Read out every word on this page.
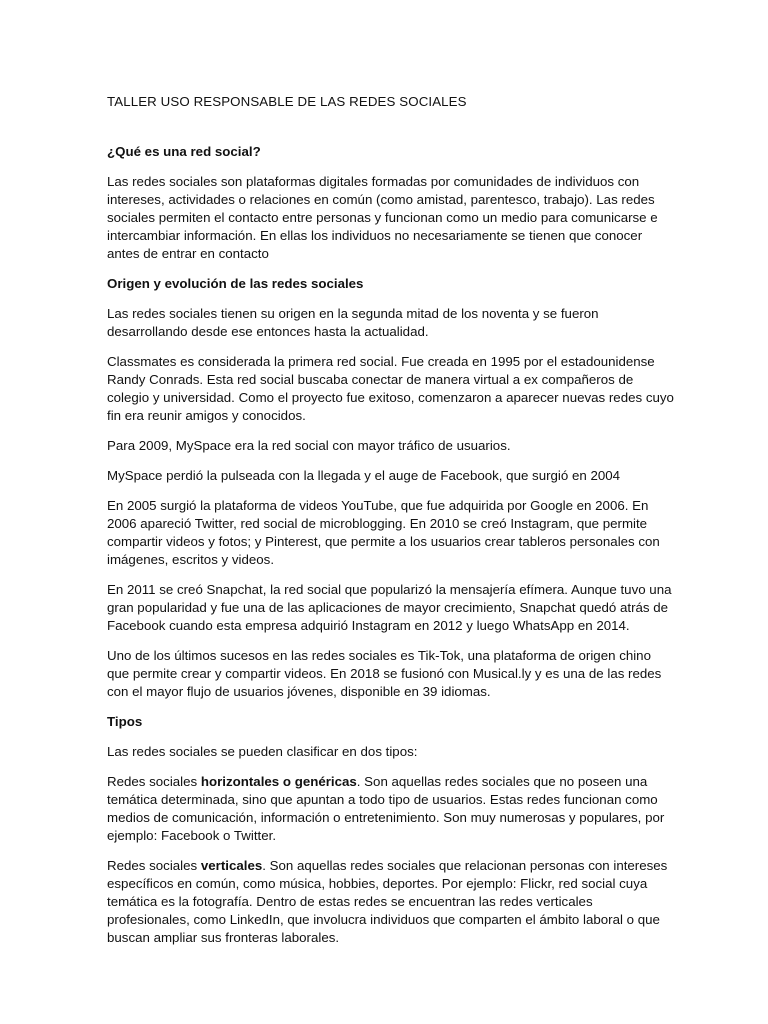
TALLER USO RESPONSABLE DE LAS REDES SOCIALES
¿Qué es una red social?

Las redes sociales son plataformas digitales formadas por comunidades de individuos con intereses, actividades o relaciones en común (como amistad, parentesco, trabajo). Las redes sociales permiten el contacto entre personas y funcionan como un medio para comunicarse e intercambiar información. En ellas los individuos no necesariamente se tienen que conocer antes de entrar en contacto

Origen y evolución de las redes sociales

Las redes sociales tienen su origen en la segunda mitad de los noventa y se fueron desarrollando desde ese entonces hasta la actualidad.

Classmates es considerada la primera red social. Fue creada en 1995 por el estadounidense Randy Conrads. Esta red social buscaba conectar de manera virtual a ex compañeros de colegio y universidad. Como el proyecto fue exitoso, comenzaron a aparecer nuevas redes cuyo fin era reunir amigos y conocidos.

Para 2009, MySpace era la red social con mayor tráfico de usuarios.

MySpace perdió la pulseada con la llegada y el auge de Facebook, que surgió en 2004

En 2005 surgió la plataforma de videos YouTube, que fue adquirida por Google en 2006. En 2006 apareció Twitter, red social de microblogging. En 2010 se creó Instagram, que permite compartir videos y fotos; y Pinterest, que permite a los usuarios crear tableros personales con imágenes, escritos y videos.

En 2011 se creó Snapchat, la red social que popularizó la mensajería efímera. Aunque tuvo una gran popularidad y fue una de las aplicaciones de mayor crecimiento, Snapchat quedó atrás de Facebook cuando esta empresa adquirió Instagram en 2012 y luego WhatsApp en 2014.

Uno de los últimos sucesos en las redes sociales es Tik-Tok, una plataforma de origen chino que permite crear y compartir videos. En 2018 se fusionó con Musical.ly y es una de las redes con el mayor flujo de usuarios jóvenes, disponible en 39 idiomas.

Tipos

Las redes sociales se pueden clasificar en dos tipos:

Redes sociales horizontales o genéricas. Son aquellas redes sociales que no poseen una temática determinada, sino que apuntan a todo tipo de usuarios. Estas redes funcionan como medios de comunicación, información o entretenimiento. Son muy numerosas y populares, por ejemplo: Facebook o Twitter.

Redes sociales verticales. Son aquellas redes sociales que relacionan personas con intereses específicos en común, como música, hobbies, deportes. Por ejemplo: Flickr, red social cuya temática es la fotografía. Dentro de estas redes se encuentran las redes verticales profesionales, como LinkedIn, que involucra individuos que comparten el ámbito laboral o que buscan ampliar sus fronteras laborales.
